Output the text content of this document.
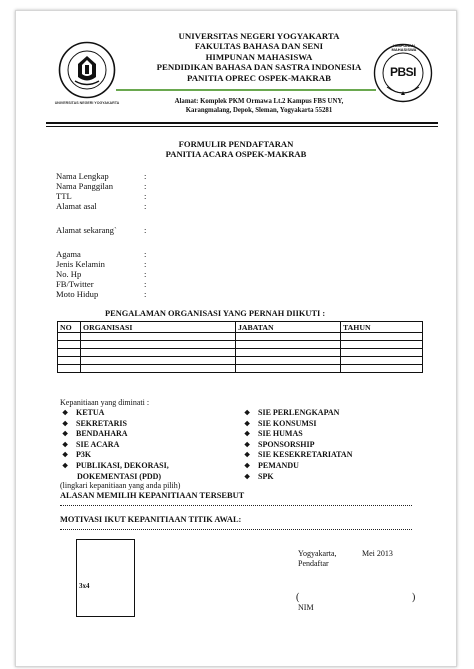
UNIVERSITAS NEGERI YOGYAKARTA
UNIVERSITAS NEGERI YOGYAKARTA
FAKULTAS BAHASA DAN SENI
HIMPUNAN MAHASISWA
PENDIDIKAN BAHASA DAN SASTRA INDONESIA
PANITIA OPREC OSPEK-MAKRAB
Alamat: Komplek PKM Ormawa Lt.2 Kampus FBS UNY,
Karangmalang, Depok, Sleman, Yogyakarta 55281
HIMPUNAN MAHASISWA
PBSI
FORMULIR PENDAFTARAN
PANITIA ACARA OSPEK-MAKRAB
Nama Lengkap	:
Nama Panggilan	:
TTL	:
Alamat asal	:
Alamat sekarang`	:
Agama	:
Jenis Kelamin	:
No. Hp	:
FB/Twitter	:
Moto Hidup	:
PENGALAMAN ORGANISASI YANG PERNAH DIIKUTI :
NO	ORGANISASI	JABATAN	TAHUN

Kepanitiaan yang diminati :
❖ KETUA
❖ SEKRETARIS
❖ BENDAHARA
❖ SIE ACARA
❖ P3K
❖ PUBLIKASI, DEKORASI,
DOKEMENTASI (PDD)
❖ SIE PERLENGKAPAN
❖ SIE KONSUMSI
❖ SIE HUMAS
❖ SPONSORSHIP
❖ SIE KESEKRETARIATAN
❖ PEMANDU
❖ SPK
(lingkari kepanitiaan yang anda pilih)
ALASAN MEMILIH KEPANITIAAN TERSEBUT
MOTIVASI IKUT KEPANITIAAN TITIK AWAL:
3x4
Yogyakarta,	Mei 2013
Pendaftar
(	)
NIM
